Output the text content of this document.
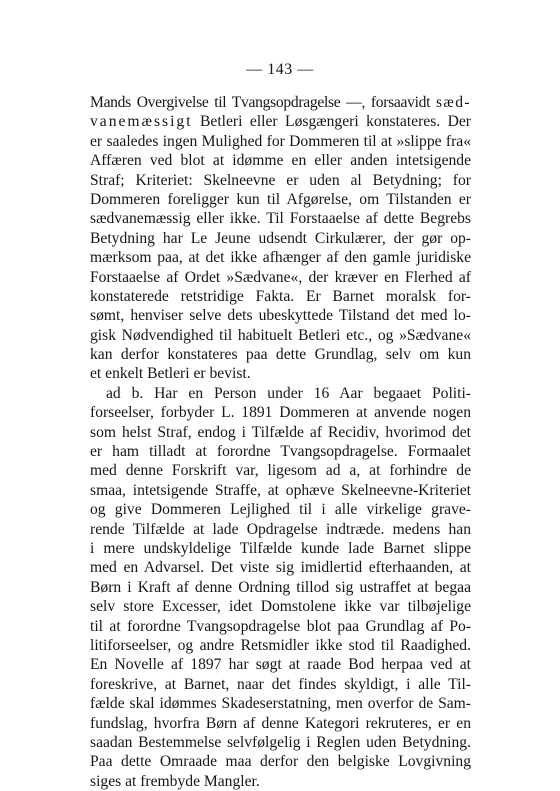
— 143 —
Mands Overgivelse til Tvangsopdragelse —, forsaavidt sæd-
vanemæssigt Betleri eller Løsgængeri konstateres. Der
er saaledes ingen Mulighed for Dommeren til at »slippe fra«
Affæren ved blot at idømme en eller anden intetsigende
Straf; Kriteriet: Skelneevne er uden al Betydning; for
Dommeren foreligger kun til Afgørelse, om Tilstanden er
sædvanemæssig eller ikke. Til Forstaaelse af dette Begrebs
Betydning har Le Jeune udsendt Cirkulærer, der gør op-
mærksom paa, at det ikke afhænger af den gamle juridiske
Forstaaelse af Ordet »Sædvane«, der kræver en Flerhed af
konstaterede retstridige Fakta. Er Barnet moralsk for-
sømt, henviser selve dets ubeskyttede Tilstand det med lo-
gisk Nødvendighed til habituelt Betleri etc., og »Sædvane«
kan derfor konstateres paa dette Grundlag, selv om kun
et enkelt Betleri er bevist.
ad b. Har en Person under 16 Aar begaaet Politi-
forseelser, forbyder L. 1891 Dommeren at anvende nogen
som helst Straf, endog i Tilfælde af Recidiv, hvorimod det
er ham tilladt at forordne Tvangsopdragelse. Formaalet
med denne Forskrift var, ligesom ad a, at forhindre de
smaa, intetsigende Straffe, at ophæve Skelneevne-Kriteriet
og give Dommeren Lejlighed til i alle virkelige grave-
rende Tilfælde at lade Opdragelse indtræde. medens han
i mere undskyldelige Tilfælde kunde lade Barnet slippe
med en Advarsel. Det viste sig imidlertid efterhaanden, at
Børn i Kraft af denne Ordning tillod sig ustraffet at begaa
selv store Excesser, idet Domstolene ikke var tilbøjelige
til at forordne Tvangsopdragelse blot paa Grundlag af Po-
litiforseelser, og andre Retsmidler ikke stod til Raadighed.
En Novelle af 1897 har søgt at raade Bod herpaa ved at
foreskrive, at Barnet, naar det findes skyldigt, i alle Til-
fælde skal idømmes Skadeserstatning, men overfor de Sam-
fundslag, hvorfra Børn af denne Kategori rekruteres, er en
saadan Bestemmelse selvfølgelig i Reglen uden Betydning.
Paa dette Omraade maa derfor den belgiske Lovgivning
siges at frembyde Mangler.
